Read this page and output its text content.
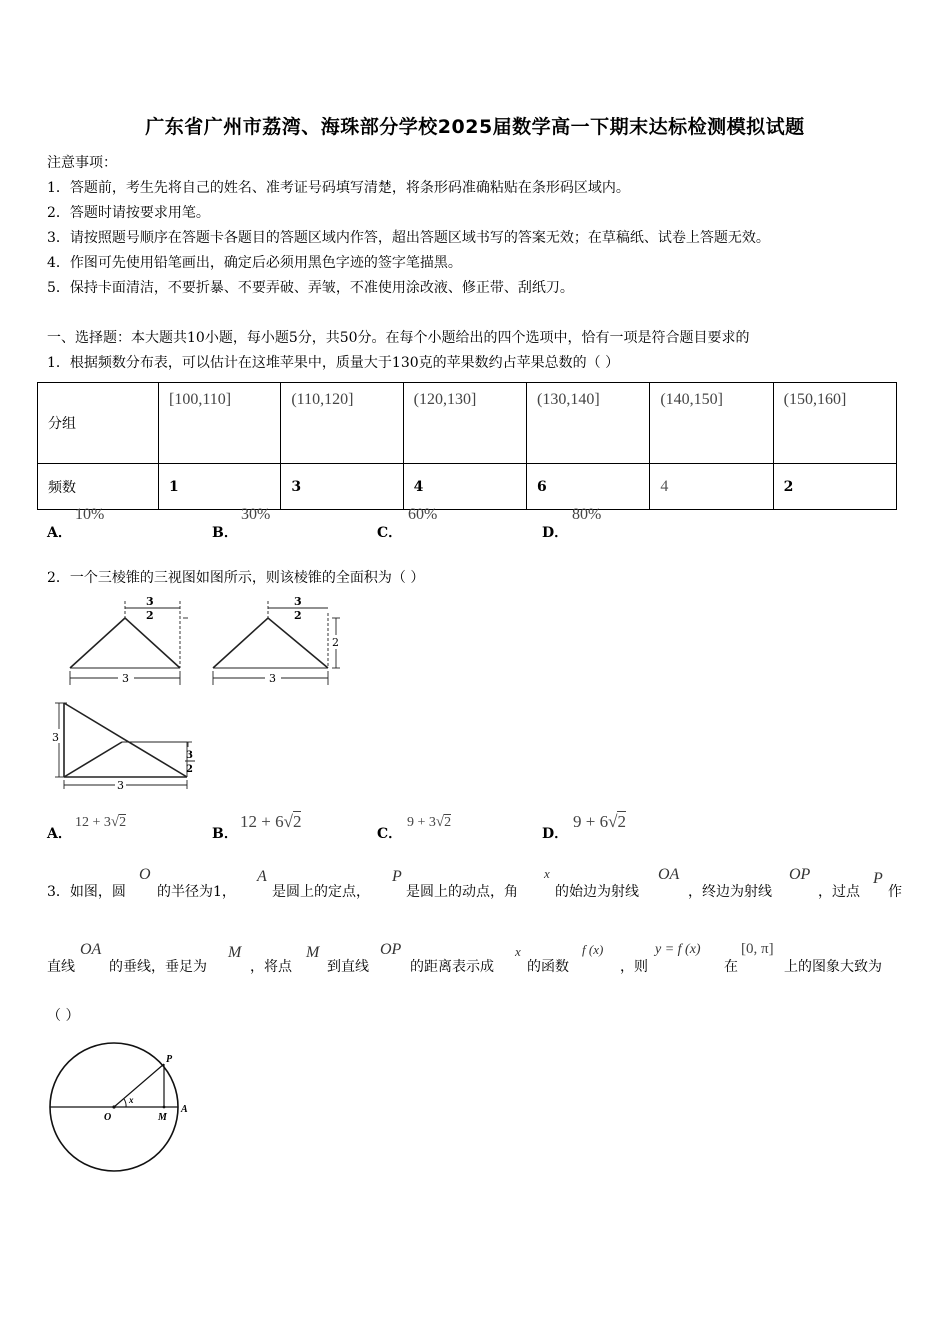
广东省广州市荔湾、海珠部分学校2025届数学高一下期末达标检测模拟试题
注意事项：
1．答题前，考生先将自己的姓名、准考证号码填写清楚，将条形码准确粘贴在条形码区域内。
2．答题时请按要求用笔。
3．请按照题号顺序在答题卡各题目的答题区域内作答，超出答题区域书写的答案无效；在草稿纸、试卷上答题无效。
4．作图可先使用铅笔画出，确定后必须用黑色字迹的签字笔描黑。
5．保持卡面清洁，不要折暴、不要弄破、弄皱，不准使用涂改液、修正带、刮纸刀。
一、选择题：本大题共10小题，每小题5分，共50分。在每个小题给出的四个选项中，恰有一项是符合题目要求的
1．根据频数分布表，可以估计在这堆苹果中，质量大于130克的苹果数约占苹果总数的（ ）
分组	[100,110]	(110,120]	(120,130]	(130,140]	(140,150]	(150,160]
频数	1	3	4	6	4	2
A．
10%
B．
30%
C．
60%
D．
80%
2．一个三棱锥的三视图如图所示，则该棱锥的全面积为（ ）
3
2
3
3
2
2
3
3
3
3
2
A．
12 + 3√2
B．
12 + 6√2
C．
9 + 3√2
D．
9 + 6√2
3．如图，圆
O
的半径为1，
A
是圆上的定点，
P
是圆上的动点，角
x
的始边为射线
OA
，终边为射线
OP
，过点
P
作
直线
OA
的垂线，垂足为
M
，将点
M
到直线
OP
的距离表示成
x
的函数
f (x)
，则
y = f (x)
在
[0, π]
上的图象大致为
（ ）
O	M
A
P
x
